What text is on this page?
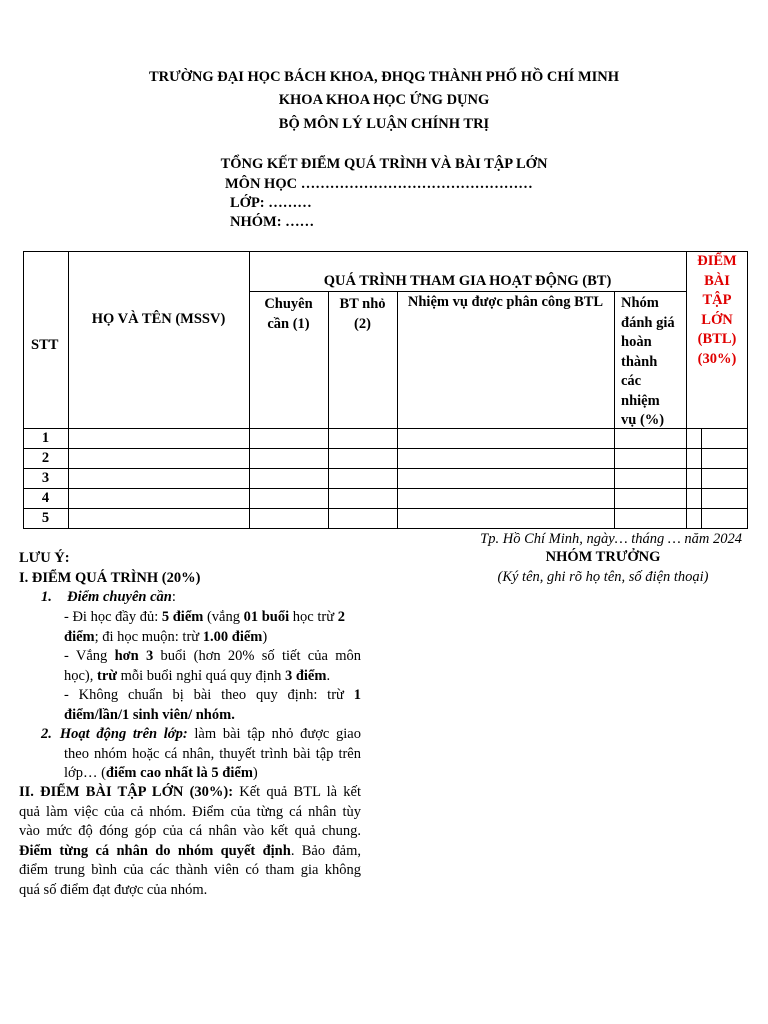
TRƯỜNG ĐẠI HỌC BÁCH KHOA, ĐHQG THÀNH PHỐ HỒ CHÍ MINH
KHOA KHOA HỌC ỨNG DỤNG
BỘ MÔN LÝ LUẬN CHÍNH TRỊ
TỔNG KẾT ĐIỂM QUÁ TRÌNH VÀ BÀI TẬP LỚN
MÔN HỌC …………………………………………
LỚP: ………
NHÓM: ……
STT
HỌ VÀ TÊN (MSSV)
QUÁ TRÌNH THAM GIA HOẠT ĐỘNG (BT)
Chuyên
cần (1)
BT nhỏ
(2)
Nhiệm vụ được phân công BTL	Nhóm
đánh giá
hoàn
thành
các
nhiệm
vụ (%)
ĐIỂM
BÀI
TẬP
LỚN
(BTL)
(30%)
1
2
3
4
5
Tp. Hồ Chí Minh, ngày… tháng … năm 2024
NHÓM TRƯỞNG
(Ký tên, ghi rõ họ tên, số điện thoại)
LƯU Ý:
I. ĐIỂM QUÁ TRÌNH (20%)
1. Điểm chuyên cần:
- Đi học đầy đủ: 5 điểm (vắng 01 buổi học trừ 2
điểm; đi học muộn: trừ 1.00 điểm)
- Vắng hơn 3 buổi (hơn 20% số tiết của môn
học), trừ mỗi buổi nghỉ quá quy định 3 điểm.
- Không chuẩn bị bài theo quy định: trừ 1
điểm/lần/1 sinh viên/ nhóm.
2. Hoạt động trên lớp: làm bài tập nhỏ được giao
theo nhóm hoặc cá nhân, thuyết trình bài tập trên
lớp… (điểm cao nhất là 5 điểm)
II. ĐIỂM BÀI TẬP LỚN (30%): Kết quả BTL là kết
quả làm việc của cả nhóm. Điểm của từng cá nhân tùy
vào mức độ đóng góp của cá nhân vào kết quả chung.
Điểm từng cá nhân do nhóm quyết định. Bảo đảm,
điểm trung bình của các thành viên có tham gia không
quá số điểm đạt được của nhóm.
